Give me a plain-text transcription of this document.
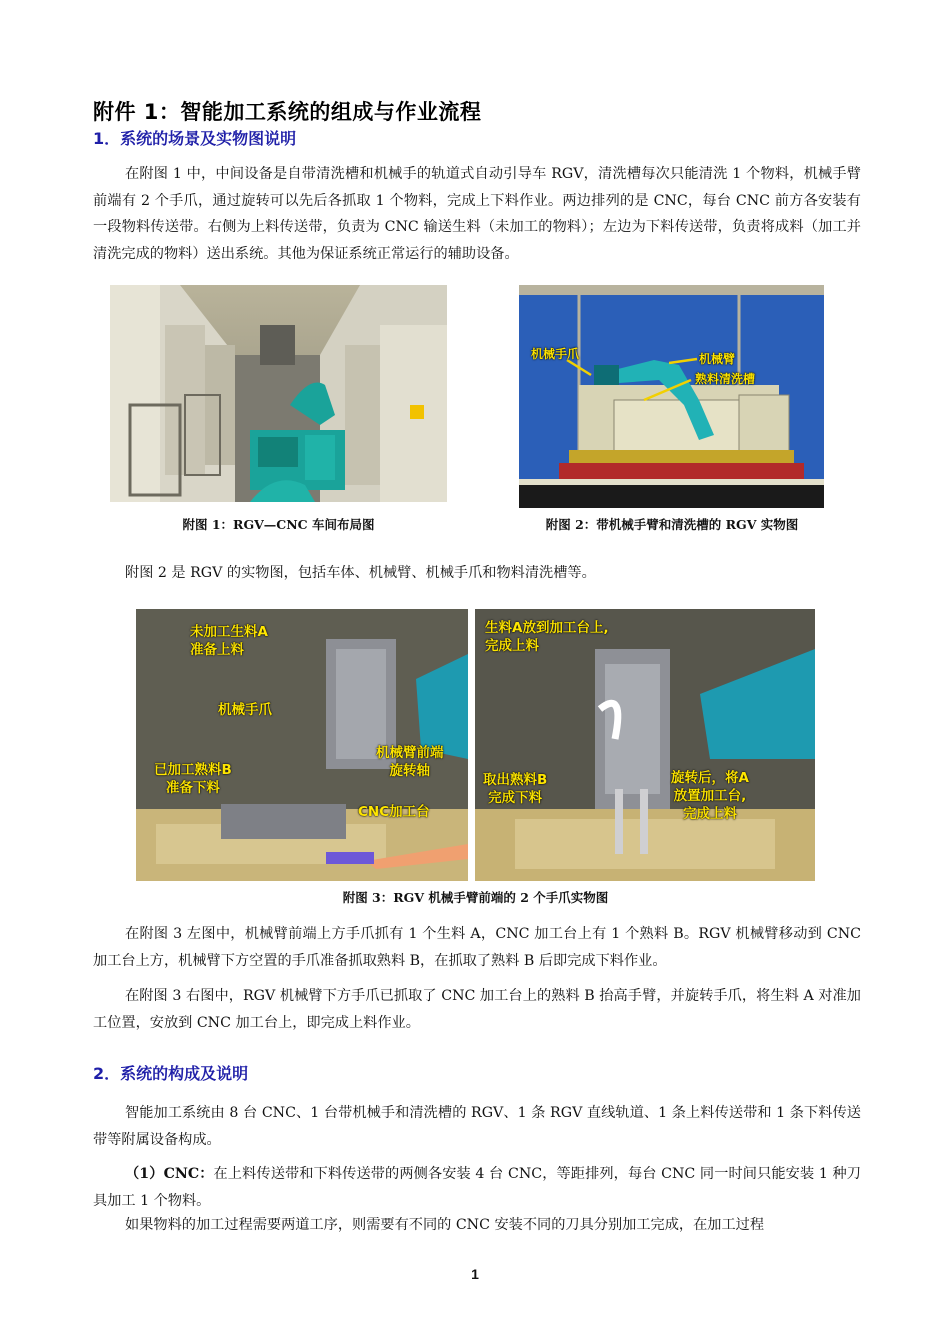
附件 1：智能加工系统的组成与作业流程
1．系统的场景及实物图说明

在附图 1 中，中间设备是自带清洗槽和机械手的轨道式自动引导车 RGV，清洗槽每次只能清洗 1 个物料，机械手臂前端有 2 个手爪，通过旋转可以先后各抓取 1 个物料，完成上下料作业。两边排列的是 CNC，每台 CNC 前方各安装有一段物料传送带。右侧为上料传送带，负责为 CNC 输送生料（未加工的物料）；左边为下料传送带，负责将成料（加工并清洗完成的物料）送出系统。其他为保证系统正常运行的辅助设备。

机械手爪	机械臂
熟料清洗槽
附图 1：RGV—CNC 车间布局图	附图 2：带机械手臂和清洗槽的 RGV 实物图

附图 2 是 RGV 的实物图，包括车体、机械臂、机械手爪和物料清洗槽等。

未加工生料A
准备上料
机械手爪
机械臂前端
旋转轴
已加工熟料B
准备下料
CNC加工台
生料A放到加工台上,
完成上料
取出熟料B
完成下料
旋转后，将A
放置加工台,
完成上料
附图 3：RGV 机械手臂前端的 2 个手爪实物图

在附图 3 左图中，机械臂前端上方手爪抓有 1 个生料 A，CNC 加工台上有 1 个熟料 B。RGV 机械臂移动到 CNC 加工台上方，机械臂下方空置的手爪准备抓取熟料 B，在抓取了熟料 B 后即完成下料作业。

在附图 3 右图中，RGV 机械臂下方手爪已抓取了 CNC 加工台上的熟料 B 抬高手臂，并旋转手爪，将生料 A 对准加工位置，安放到 CNC 加工台上，即完成上料作业。

2．系统的构成及说明

智能加工系统由 8 台 CNC、1 台带机械手和清洗槽的 RGV、1 条 RGV 直线轨道、1 条上料传送带和 1 条下料传送带等附属设备构成。

（1）CNC：在上料传送带和下料传送带的两侧各安装 4 台 CNC，等距排列，每台 CNC 同一时间只能安装 1 种刀具加工 1 个物料。

如果物料的加工过程需要两道工序，则需要有不同的 CNC 安装不同的刀具分别加工完成，在加工过程

1
